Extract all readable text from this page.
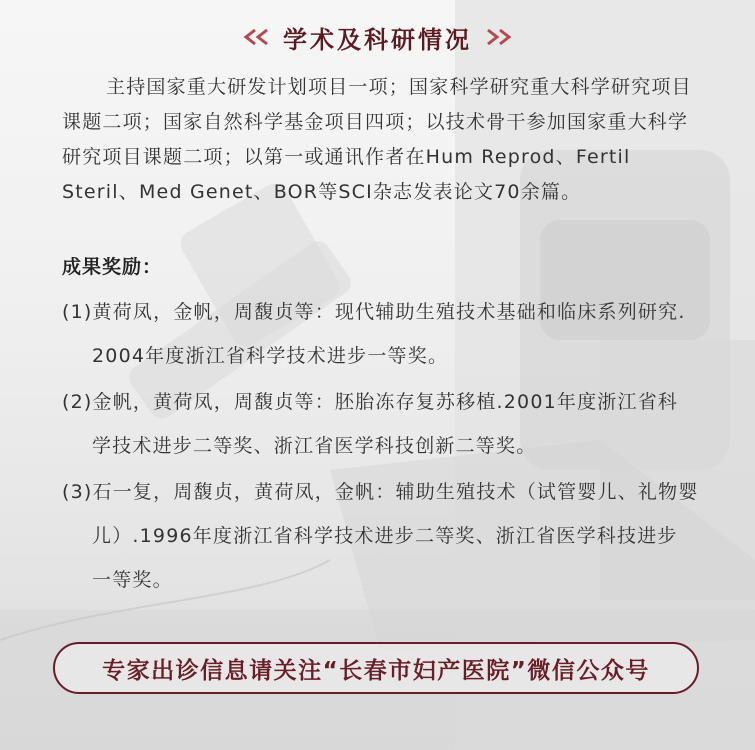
学术及科研情况
主持国家重大研发计划项目一项；国家科学研究重大科学研究项目课题二项；国家自然科学基金项目四项；以技术骨干参加国家重大科学研究项目课题二项；以第一或通讯作者在Hum Reprod、Fertil Steril、Med Genet、BOR等SCI杂志发表论文70余篇。
成果奖励：
(1)黄荷凤，金帆，周馥贞等：现代辅助生殖技术基础和临床系列研究.
2004年度浙江省科学技术进步一等奖。
(2)金帆，黄荷凤，周馥贞等：胚胎冻存复苏移植.2001年度浙江省科
学技术进步二等奖、浙江省医学科技创新二等奖。
(3)石一复，周馥贞，黄荷凤，金帆：辅助生殖技术（试管婴儿、礼物婴
儿）.1996年度浙江省科学技术进步二等奖、浙江省医学科技进步
一等奖。
专家出诊信息请关注“长春市妇产医院”微信公众号
